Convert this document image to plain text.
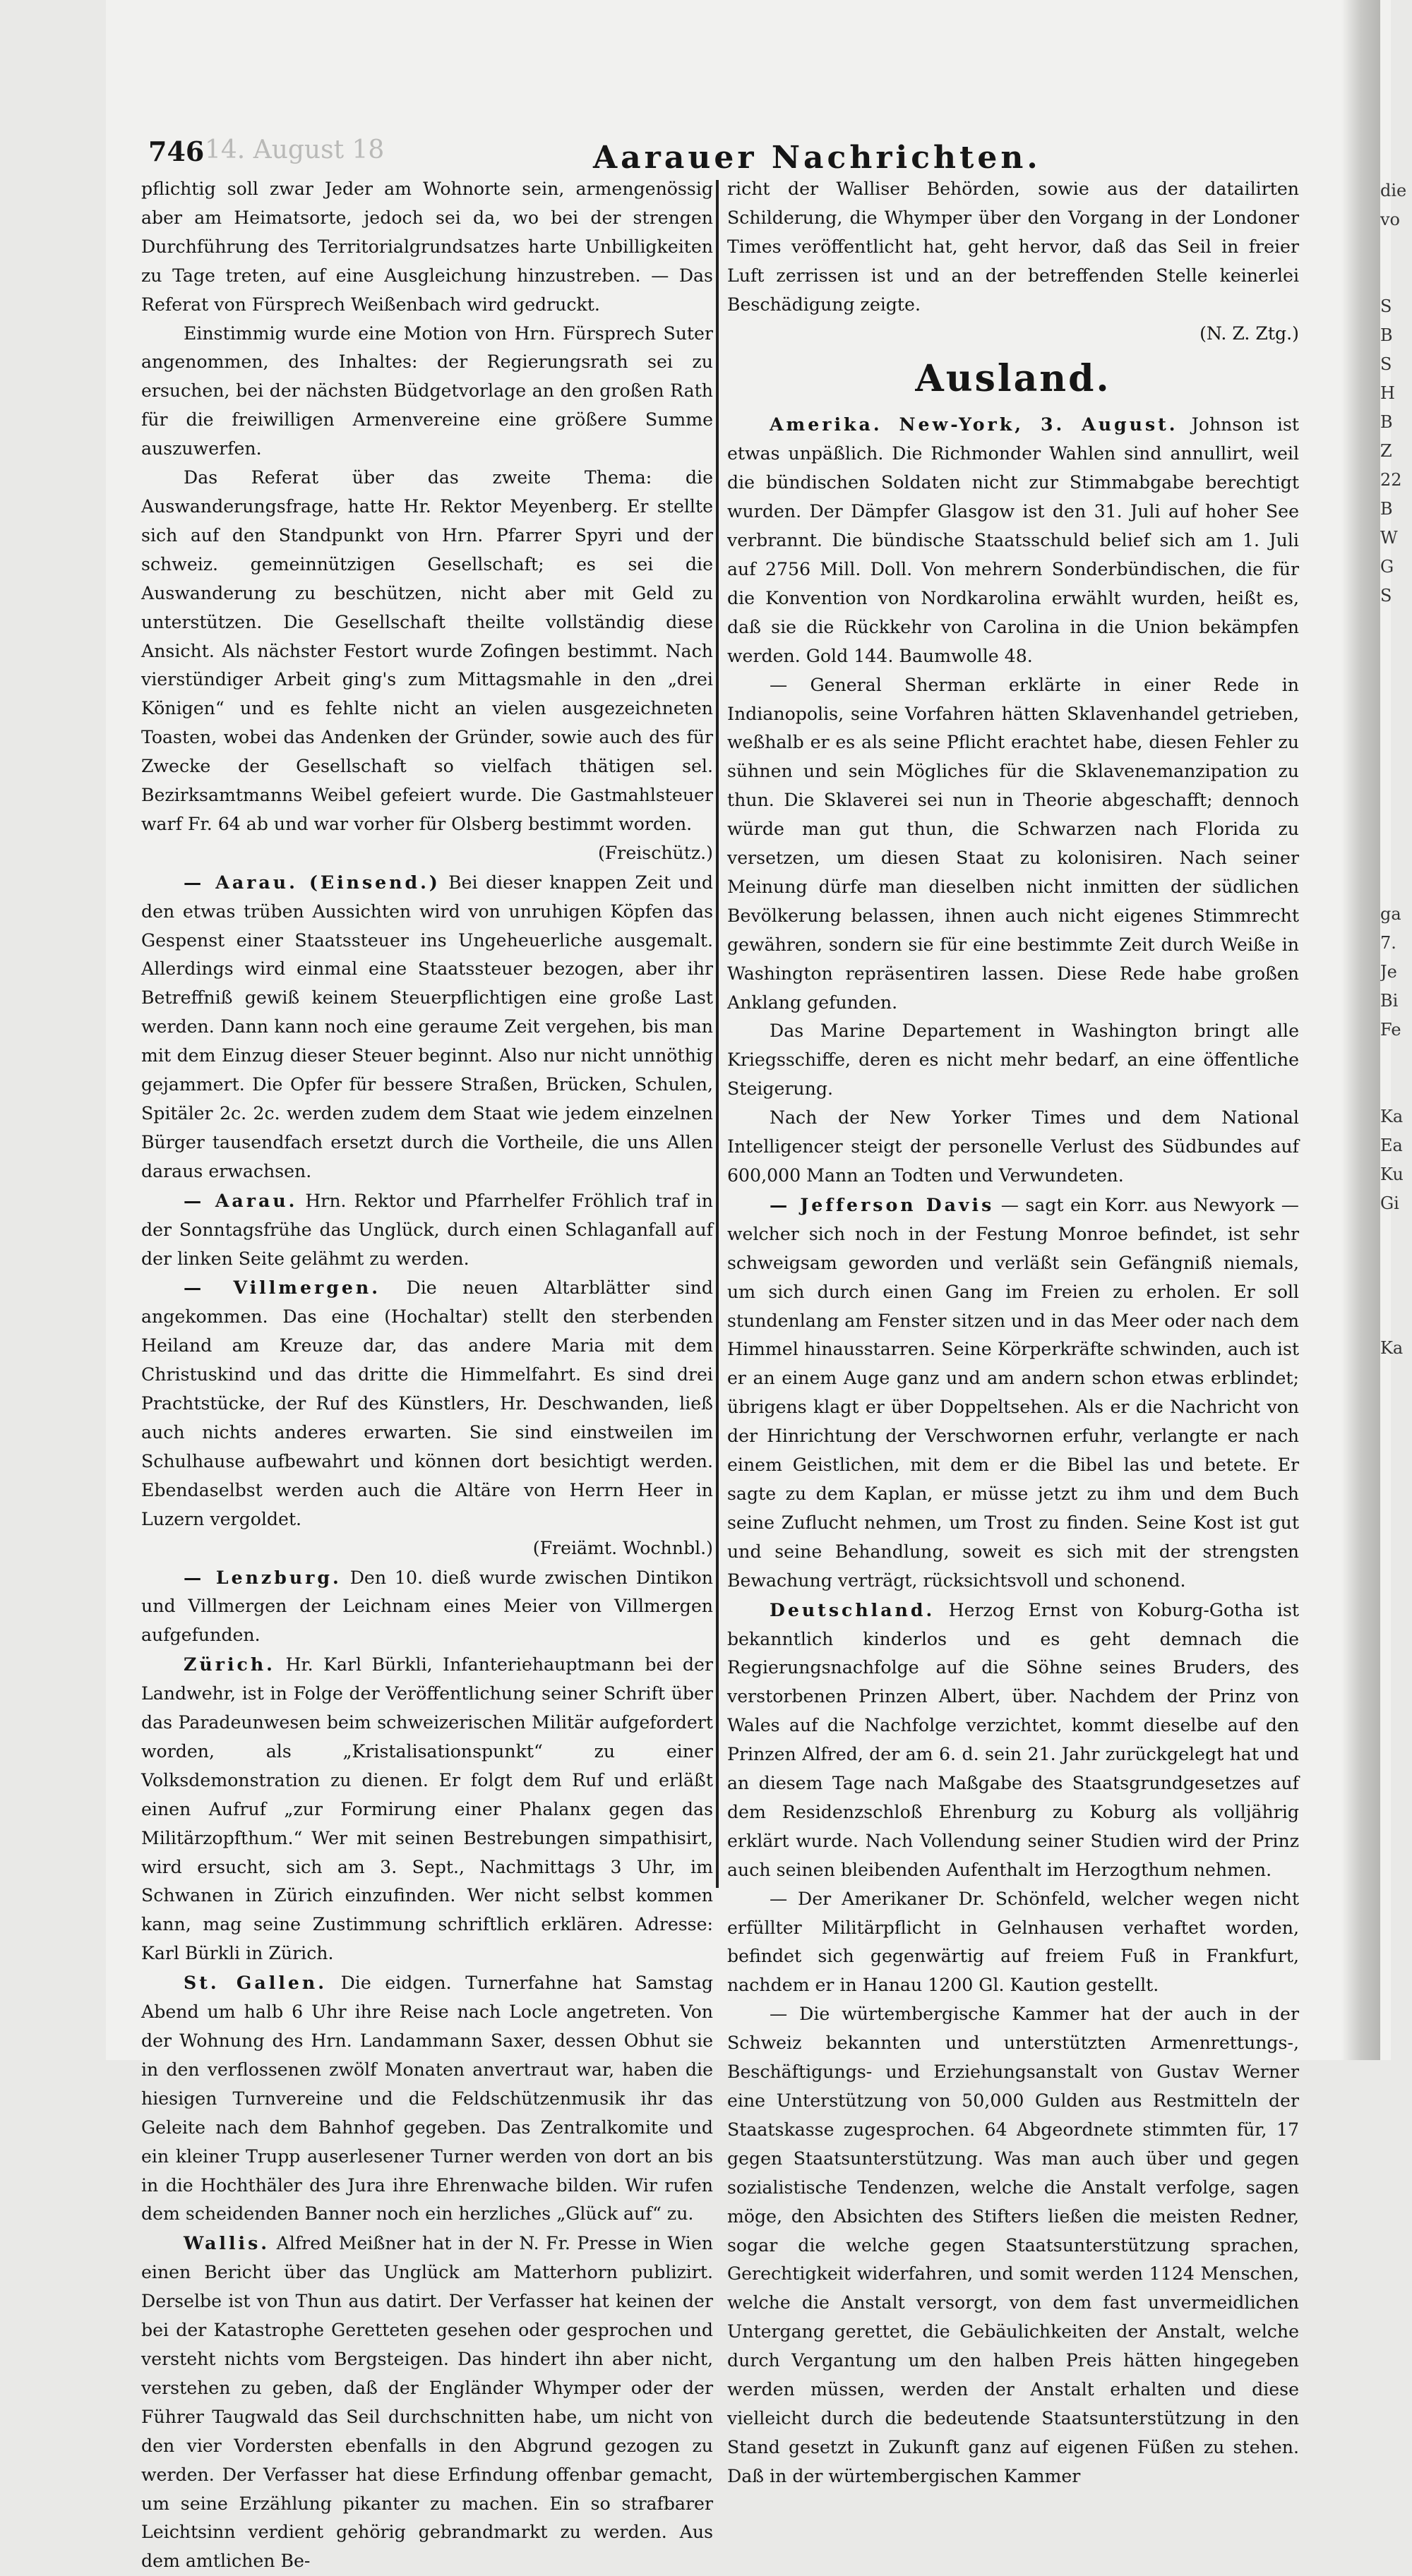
746 14. August 18	Aarauer Nachrichten.

pflichtig soll zwar Jeder am Wohnorte sein, armengenössig aber am Heimatsorte, jedoch sei da, wo bei der strengen Durchführung des Territorialgrundsatzes harte Unbilligkeiten zu Tage treten, auf eine Ausgleichung hinzustreben. — Das Referat von Fürsprech Weißenbach wird gedruckt.

Einstimmig wurde eine Motion von Hrn. Fürsprech Suter angenommen, des Inhaltes: der Regierungsrath sei zu ersuchen, bei der nächsten Büdgetvorlage an den großen Rath für die freiwilligen Armenvereine eine größere Summe auszuwerfen.

Das Referat über das zweite Thema: die Auswanderungsfrage, hatte Hr. Rektor Meyenberg. Er stellte sich auf den Standpunkt von Hrn. Pfarrer Spyri und der schweiz. gemeinnützigen Gesellschaft; es sei die Auswanderung zu beschützen, nicht aber mit Geld zu unterstützen. Die Gesellschaft theilte vollständig diese Ansicht. Als nächster Festort wurde Zofingen bestimmt. Nach vierstündiger Arbeit ging's zum Mittagsmahle in den „drei Königen“ und es fehlte nicht an vielen ausgezeichneten Toasten, wobei das Andenken der Gründer, sowie auch des für Zwecke der Gesellschaft so vielfach thätigen sel. Bezirksamtmanns Weibel gefeiert wurde. Die Gastmahlsteuer warf Fr. 64 ab und war vorher für Olsberg bestimmt worden.

(Freischütz.)

— Aarau. (Einsend.) Bei dieser knappen Zeit und den etwas trüben Aussichten wird von unruhigen Köpfen das Gespenst einer Staatssteuer ins Ungeheuerliche ausgemalt. Allerdings wird einmal eine Staatssteuer bezogen, aber ihr Betreffniß gewiß keinem Steuerpflichtigen eine große Last werden. Dann kann noch eine geraume Zeit vergehen, bis man mit dem Einzug dieser Steuer beginnt. Also nur nicht unnöthig gejammert. Die Opfer für bessere Straßen, Brücken, Schulen, Spitäler 2c. 2c. werden zudem dem Staat wie jedem einzelnen Bürger tausendfach ersetzt durch die Vortheile, die uns Allen daraus erwachsen.

— Aarau. Hrn. Rektor und Pfarrhelfer Fröhlich traf in der Sonntagsfrühe das Unglück, durch einen Schlaganfall auf der linken Seite gelähmt zu werden.

— Villmergen. Die neuen Altarblätter sind angekommen. Das eine (Hochaltar) stellt den sterbenden Heiland am Kreuze dar, das andere Maria mit dem Christuskind und das dritte die Himmelfahrt. Es sind drei Prachtstücke, der Ruf des Künstlers, Hr. Deschwanden, ließ auch nichts anderes erwarten. Sie sind einstweilen im Schulhause aufbewahrt und können dort besichtigt werden. Ebendaselbst werden auch die Altäre von Herrn Heer in Luzern vergoldet.

(Freiämt. Wochnbl.)

— Lenzburg. Den 10. dieß wurde zwischen Dintikon und Villmergen der Leichnam eines Meier von Villmergen aufgefunden.

Zürich. Hr. Karl Bürkli, Infanteriehauptmann bei der Landwehr, ist in Folge der Veröffentlichung seiner Schrift über das Paradeunwesen beim schweizerischen Militär aufgefordert worden, als „Kristalisationspunkt“ zu einer Volksdemonstration zu dienen. Er folgt dem Ruf und erläßt einen Aufruf „zur Formirung einer Phalanx gegen das Militärzopfthum.“ Wer mit seinen Bestrebungen simpathisirt, wird ersucht, sich am 3. Sept., Nachmittags 3 Uhr, im Schwanen in Zürich einzufinden. Wer nicht selbst kommen kann, mag seine Zustimmung schriftlich erklären. Adresse: Karl Bürkli in Zürich.

St. Gallen. Die eidgen. Turnerfahne hat Samstag Abend um halb 6 Uhr ihre Reise nach Locle angetreten. Von der Wohnung des Hrn. Landammann Saxer, dessen Obhut sie in den verflossenen zwölf Monaten anvertraut war, haben die hiesigen Turnvereine und die Feldschützenmusik ihr das Geleite nach dem Bahnhof gegeben. Das Zentralkomite und ein kleiner Trupp auserlesener Turner werden von dort an bis in die Hochthäler des Jura ihre Ehrenwache bilden. Wir rufen dem scheidenden Banner noch ein herzliches „Glück auf“ zu.

Wallis. Alfred Meißner hat in der N. Fr. Presse in Wien einen Bericht über das Unglück am Matterhorn publizirt. Derselbe ist von Thun aus datirt. Der Verfasser hat keinen der bei der Katastrophe Geretteten gesehen oder gesprochen und versteht nichts vom Bergsteigen. Das hindert ihn aber nicht, verstehen zu geben, daß der Engländer Whymper oder der Führer Taugwald das Seil durchschnitten habe, um nicht von den vier Vordersten ebenfalls in den Abgrund gezogen zu werden. Der Verfasser hat diese Erfindung offenbar gemacht, um seine Erzählung pikanter zu machen. Ein so strafbarer Leichtsinn verdient gehörig gebrandmarkt zu werden. Aus dem amtlichen Be-

richt der Walliser Behörden, sowie aus der datailirten Schilderung, die Whymper über den Vorgang in der Londoner Times veröffentlicht hat, geht hervor, daß das Seil in freier Luft zerrissen ist und an der betreffenden Stelle keinerlei Beschädigung zeigte.

(N. Z. Ztg.)

Ausland.

Amerika. New-York, 3. August. Johnson ist etwas unpäßlich. Die Richmonder Wahlen sind annullirt, weil die bündischen Soldaten nicht zur Stimmabgabe berechtigt wurden. Der Dämpfer Glasgow ist den 31. Juli auf hoher See verbrannt. Die bündische Staatsschuld belief sich am 1. Juli auf 2756 Mill. Doll. Von mehrern Sonderbündischen, die für die Konvention von Nordkarolina erwählt wurden, heißt es, daß sie die Rückkehr von Carolina in die Union bekämpfen werden. Gold 144. Baumwolle 48.

— General Sherman erklärte in einer Rede in Indianopolis, seine Vorfahren hätten Sklavenhandel getrieben, weßhalb er es als seine Pflicht erachtet habe, diesen Fehler zu sühnen und sein Mögliches für die Sklavenemanzipation zu thun. Die Sklaverei sei nun in Theorie abgeschafft; dennoch würde man gut thun, die Schwarzen nach Florida zu versetzen, um diesen Staat zu kolonisiren. Nach seiner Meinung dürfe man dieselben nicht inmitten der südlichen Bevölkerung belassen, ihnen auch nicht eigenes Stimmrecht gewähren, sondern sie für eine bestimmte Zeit durch Weiße in Washington repräsentiren lassen. Diese Rede habe großen Anklang gefunden.

Das Marine Departement in Washington bringt alle Kriegsschiffe, deren es nicht mehr bedarf, an eine öffentliche Steigerung.

Nach der New Yorker Times und dem National Intelligencer steigt der personelle Verlust des Südbundes auf 600,000 Mann an Todten und Verwundeten.

— Jefferson Davis — sagt ein Korr. aus Newyork — welcher sich noch in der Festung Monroe befindet, ist sehr schweigsam geworden und verläßt sein Gefängniß niemals, um sich durch einen Gang im Freien zu erholen. Er soll stundenlang am Fenster sitzen und in das Meer oder nach dem Himmel hinausstarren. Seine Körperkräfte schwinden, auch ist er an einem Auge ganz und am andern schon etwas erblindet; übrigens klagt er über Doppeltsehen. Als er die Nachricht von der Hinrichtung der Verschwornen erfuhr, verlangte er nach einem Geistlichen, mit dem er die Bibel las und betete. Er sagte zu dem Kaplan, er müsse jetzt zu ihm und dem Buch seine Zuflucht nehmen, um Trost zu finden. Seine Kost ist gut und seine Behandlung, soweit es sich mit der strengsten Bewachung verträgt, rücksichtsvoll und schonend.

Deutschland. Herzog Ernst von Koburg-Gotha ist bekanntlich kinderlos und es geht demnach die Regierungsnachfolge auf die Söhne seines Bruders, des verstorbenen Prinzen Albert, über. Nachdem der Prinz von Wales auf die Nachfolge verzichtet, kommt dieselbe auf den Prinzen Alfred, der am 6. d. sein 21. Jahr zurückgelegt hat und an diesem Tage nach Maßgabe des Staatsgrundgesetzes auf dem Residenzschloß Ehrenburg zu Koburg als volljährig erklärt wurde. Nach Vollendung seiner Studien wird der Prinz auch seinen bleibenden Aufenthalt im Herzogthum nehmen.

— Der Amerikaner Dr. Schönfeld, welcher wegen nicht erfüllter Militärpflicht in Gelnhausen verhaftet worden, befindet sich gegenwärtig auf freiem Fuß in Frankfurt, nachdem er in Hanau 1200 Gl. Kaution gestellt.

— Die würtembergische Kammer hat der auch in der Schweiz bekannten und unterstützten Armenrettungs-, Beschäftigungs- und Erziehungsanstalt von Gustav Werner eine Unterstützung von 50,000 Gulden aus Restmitteln der Staatskasse zugesprochen. 64 Abgeordnete stimmten für, 17 gegen Staatsunterstützung. Was man auch über und gegen sozialistische Tendenzen, welche die Anstalt verfolge, sagen möge, den Absichten des Stifters ließen die meisten Redner, sogar die welche gegen Staatsunterstützung sprachen, Gerechtigkeit widerfahren, und somit werden 1124 Menschen, welche die Anstalt versorgt, von dem fast unvermeidlichen Untergang gerettet, die Gebäulichkeiten der Anstalt, welche durch Vergantung um den halben Preis hätten hingegeben werden müssen, werden der Anstalt erhalten und diese vielleicht durch die bedeutende Staatsunterstützung in den Stand gesetzt in Zukunft ganz auf eigenen Füßen zu stehen. Daß in der würtembergischen Kammer

die
vo

S
B
S
H
B
Z
22
B
W
G
S

ga
7.
Je
Bi
Fe

Ka
Ea
Ku
Gi

Ka
